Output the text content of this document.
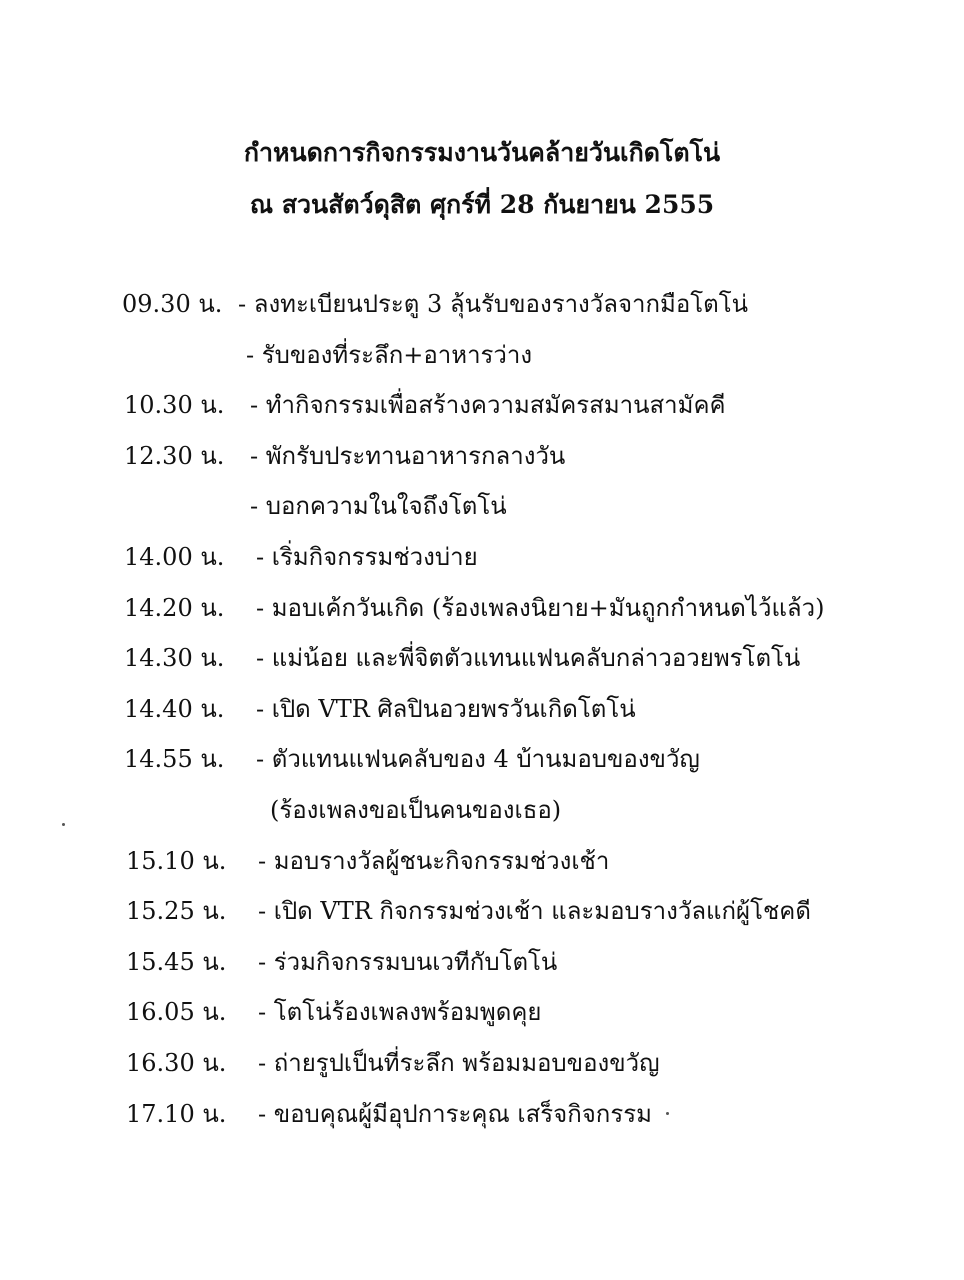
กำหนดการกิจกรรมงานวันคล้ายวันเกิดโตโน่
ณ สวนสัตว์ดุสิต ศุกร์ที่ 28 กันยายน 2555
09.30 น. - ลงทะเบียนประตู 3 ลุ้นรับของรางวัลจากมือโตโน่
- รับของที่ระลึก+อาหารว่าง
10.30 น. - ทำกิจกรรมเพื่อสร้างความสมัครสมานสามัคคี
12.30 น. - พักรับประทานอาหารกลางวัน
- บอกความในใจถึงโตโน่
14.00 น. - เริ่มกิจกรรมช่วงบ่าย
14.20 น. - มอบเค้กวันเกิด (ร้องเพลงนิยาย+มันถูกกำหนดไว้แล้ว)
14.30 น. - แม่น้อย และพี่จิตตัวแทนแฟนคลับกล่าวอวยพรโตโน่
14.40 น. - เปิด VTR ศิลปินอวยพรวันเกิดโตโน่
14.55 น. - ตัวแทนแฟนคลับของ 4 บ้านมอบของขวัญ
(ร้องเพลงขอเป็นคนของเธอ)
15.10 น. - มอบรางวัลผู้ชนะกิจกรรมช่วงเช้า
15.25 น. - เปิด VTR กิจกรรมช่วงเช้า และมอบรางวัลแก่ผู้โชคดี
15.45 น. - ร่วมกิจกรรมบนเวทีกับโตโน่
16.05 น. - โตโน่ร้องเพลงพร้อมพูดคุย
16.30 น. - ถ่ายรูปเป็นที่ระลึก พร้อมมอบของขวัญ
17.10 น. - ขอบคุณผู้มีอุปการะคุณ เสร็จกิจกรรม
